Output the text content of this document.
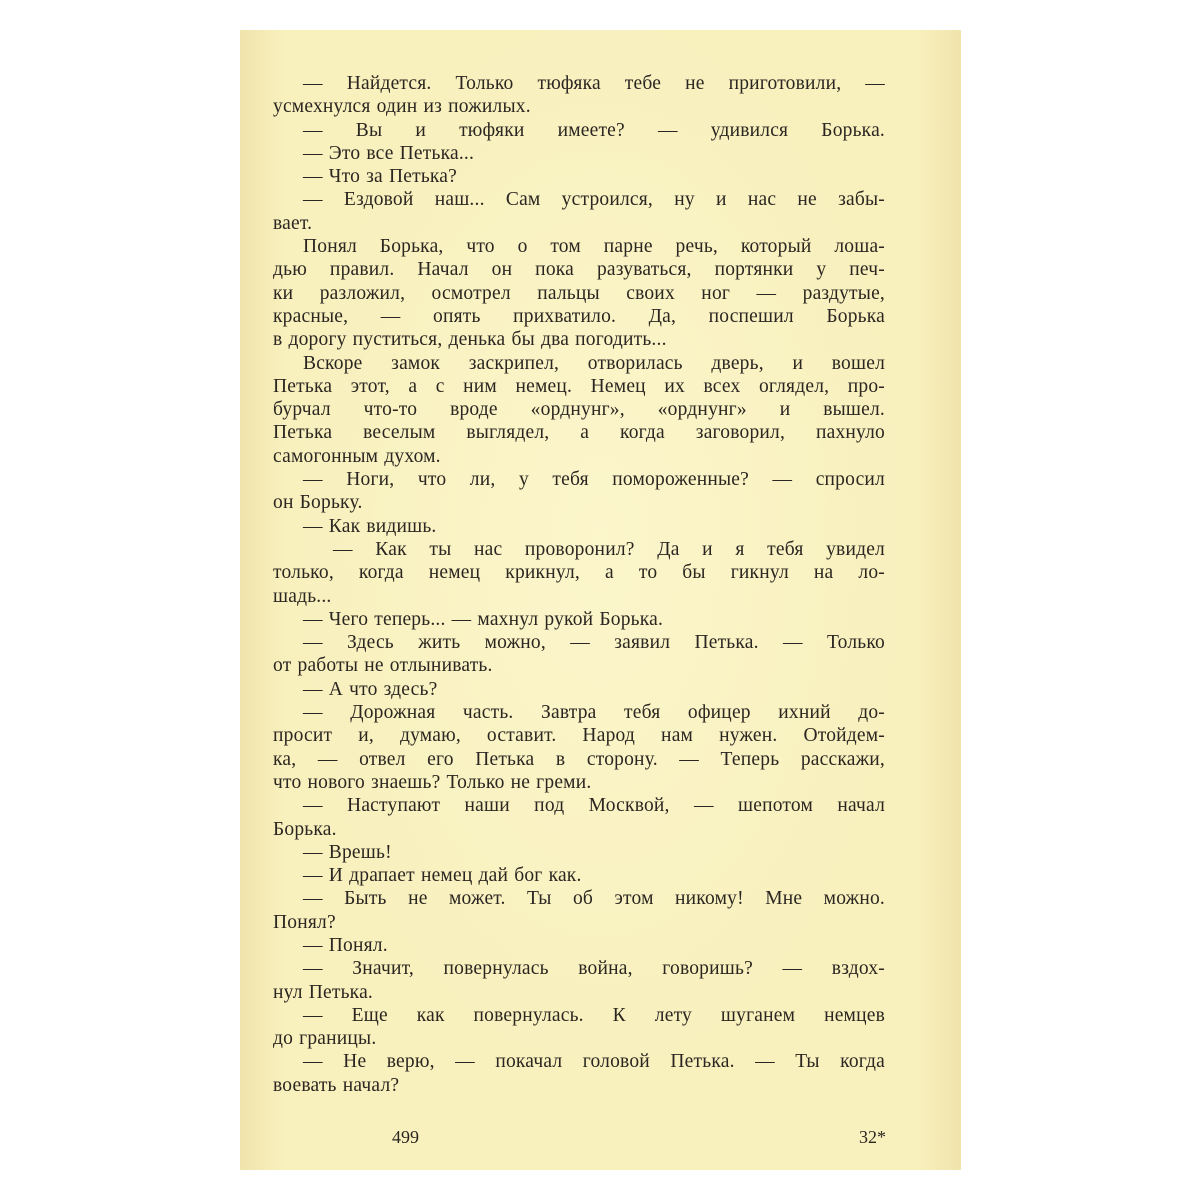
— Найдется. Только тюфяка тебе не приготовили, —
усмехнулся один из пожилых.
— Вы и тюфяки имеете? — удивился Борька.
— Это все Петька...
— Что за Петька?
— Ездовой наш... Сам устроился, ну и нас не забы-
вает.
Понял Борька, что о том парне речь, который лоша-
дью правил. Начал он пока разуваться, портянки у печ-
ки разложил, осмотрел пальцы своих ног — раздутые,
красные, — опять прихватило. Да, поспешил Борька
в дорогу пуститься, денька бы два погодить...
Вскоре замок заскрипел, отворилась дверь, и вошел
Петька этот, а с ним немец. Немец их всех оглядел, про-
бурчал что-то вроде «орднунг», «орднунг» и вышел.
Петька веселым выглядел, а когда заговорил, пахнуло
самогонным духом.
— Ноги, что ли, у тебя помороженные? — спросил
он Борьку.
— Как видишь.
— Как ты нас проворонил? Да и я тебя увидел
только, когда немец крикнул, а то бы гикнул на ло-
шадь...
— Чего теперь... — махнул рукой Борька.
— Здесь жить можно, — заявил Петька. — Только
от работы не отлынивать.
— А что здесь?
— Дорожная часть. Завтра тебя офицер ихний до-
просит и, думаю, оставит. Народ нам нужен. Отойдем-
ка, — отвел его Петька в сторону. — Теперь расскажи,
что нового знаешь? Только не греми.
— Наступают наши под Москвой, — шепотом начал
Борька.
— Врешь!
— И драпает немец дай бог как.
— Быть не может. Ты об этом никому! Мне можно.
Понял?
— Понял.
— Значит, повернулась война, говоришь? — вздох-
нул Петька.
— Еще как повернулась. К лету шуганем немцев
до границы.
— Не верю, — покачал головой Петька. — Ты когда
воевать начал?
499	32*
